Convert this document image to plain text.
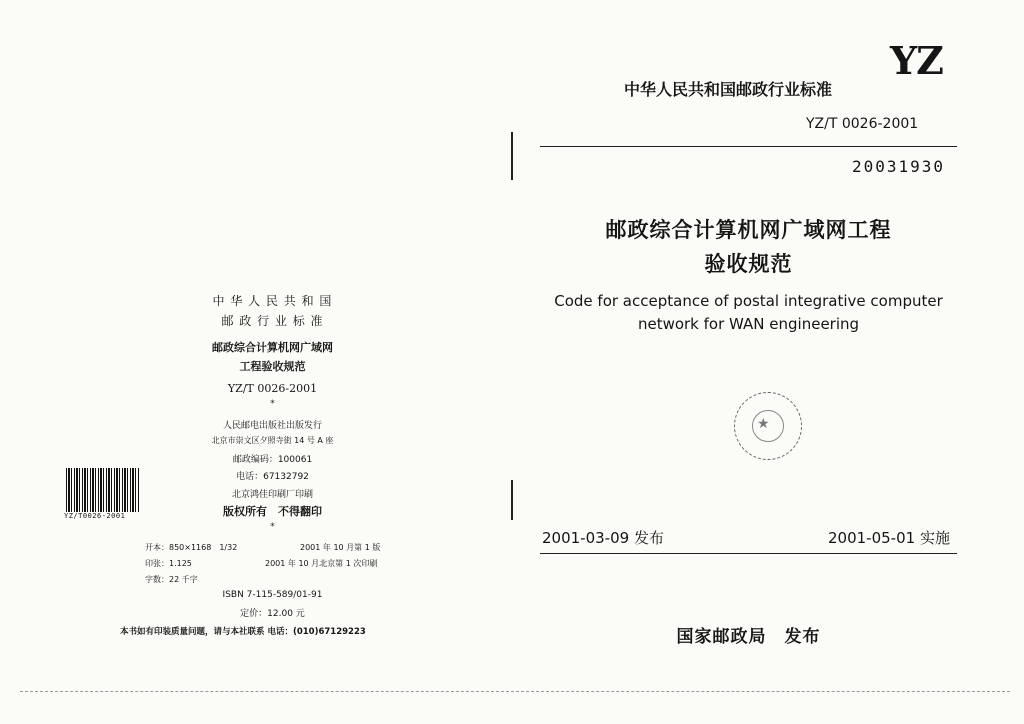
中 华 人 民 共 和 国
邮 政 行 业 标 准
邮政综合计算机网广域网
工程验收规范
YZ/T 0026-2001
*
人民邮电出版社出版发行
北京市崇文区夕照寺街 14 号 A 座
邮政编码：100061
电话：67132792
北京鸿佳印刷厂印刷
版权所有　不得翻印
*
开本：850×1168　1/32	2001 年 10 月第 1 版
印张：1.125	2001 年 10 月北京第 1 次印刷
字数：22 千字
ISBN 7-115-589/01-91
定价：12.00 元
本书如有印装质量问题，请与本社联系 电话：(010)67129223
YZ/T0026-2001
YZ
中华人民共和国邮政行业标准
YZ/T 0026-2001
20031930
邮政综合计算机网广域网工程
验收规范
Code for acceptance of postal integrative computer
network for WAN engineering
★
2001-03-09 发布	2001-05-01 实施
国家邮政局　发布
